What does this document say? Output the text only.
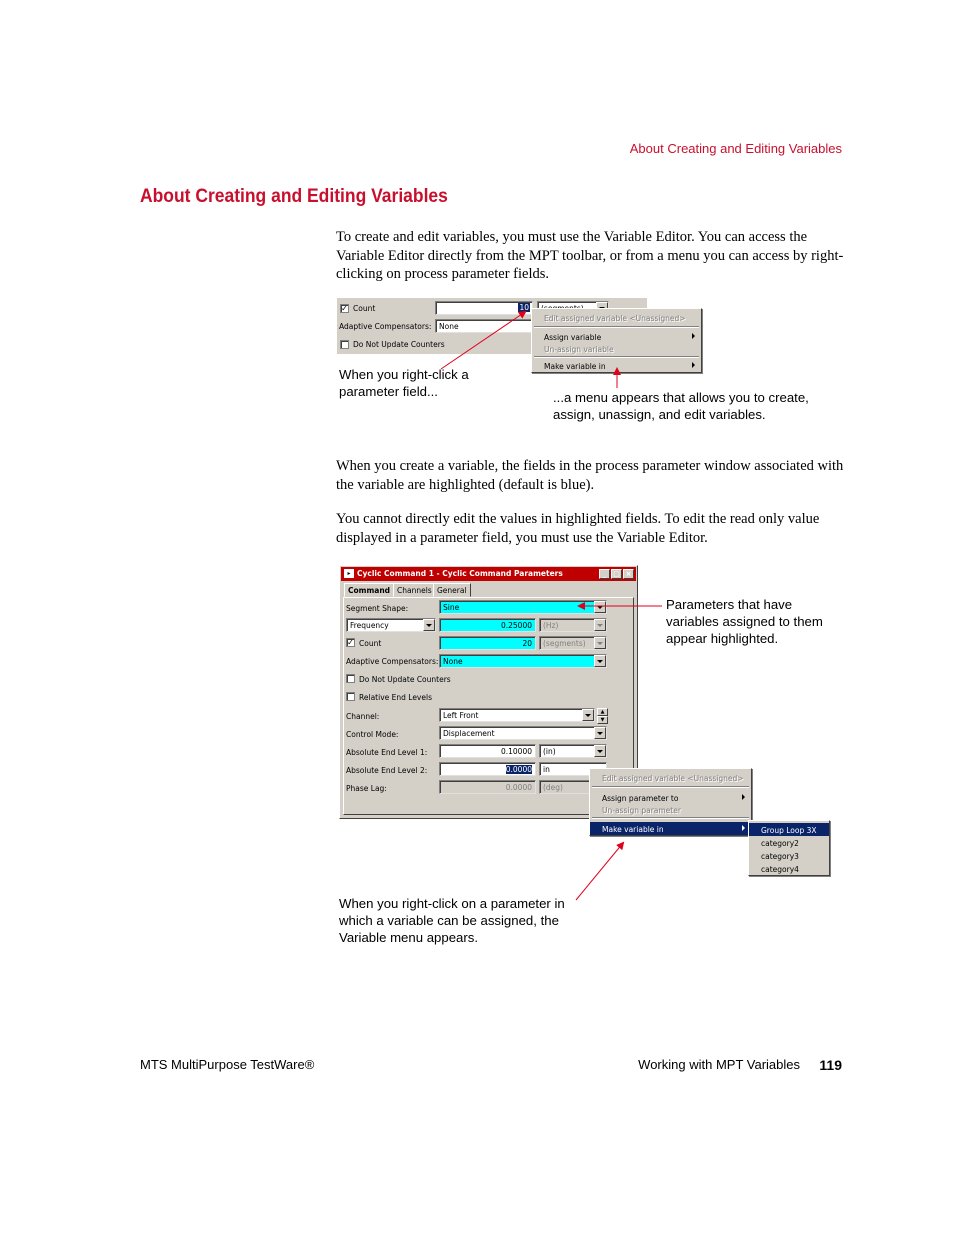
About Creating and Editing Variables
About Creating and Editing Variables
To create and edit variables, you must use the Variable Editor. You can access the Variable Editor directly from the MPT toolbar, or from a menu you can access by right-clicking on process parameter fields.
✓ Count	10
Adaptive Compensators:	None
Do Not Update Counters
Edit assigned variable <Unassigned>
Assign variable
Un-assign variable
Make variable in
When you right-click a parameter field...	...a menu appears that allows you to create, assign, unassign, and edit variables.
When you create a variable, the fields in the process parameter window associated with the variable are highlighted (default is blue).
You cannot directly edit the values in highlighted fields. To edit the read only value displayed in a parameter field, you must use the Variable Editor.
▸ Cyclic Command 1 - Cyclic Command Parameters	_ □ ×
Command Channels General
Segment Shape:	Sine
Frequency	0.25000	(Hz)
✓ Count	20	(segments)
Adaptive Compensators: None
Do Not Update Counters
Relative End Levels
Channel:	Left Front	▲
▼
Control Mode:	Displacement
Absolute End Level 1:	0.10000	(in)
Absolute End Level 2:	0.0000	in
Phase Lag:	0.0000	(deg)
Edit assigned variable <Unassigned>
Assign parameter to
Un-assign parameter
Make variable in	Group Loop 3X
category2
category3
category4
Parameters that have variables assigned to them appear highlighted.
When you right-click on a parameter in which a variable can be assigned, the Variable menu appears.
MTS MultiPurpose TestWare®	Working with MPT Variables	119
